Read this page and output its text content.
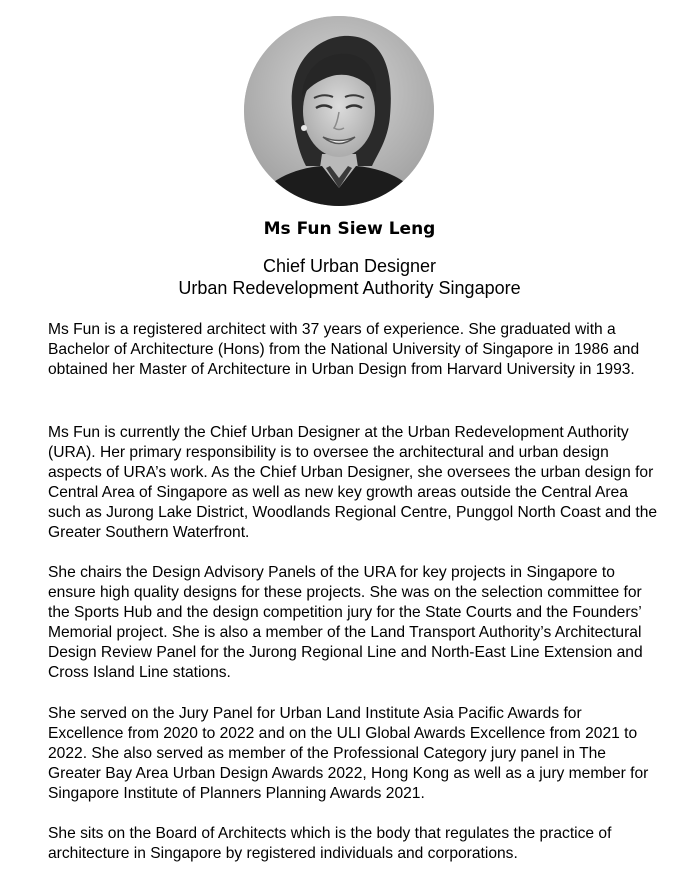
Ms Fun Siew Leng
Chief Urban Designer
Urban Redevelopment Authority Singapore

Ms Fun is a registered architect with 37 years of experience. She graduated with a Bachelor of Architecture (Hons) from the National University of Singapore in 1986 and obtained her Master of Architecture in Urban Design from Harvard University in 1993.

Ms Fun is currently the Chief Urban Designer at the Urban Redevelopment Authority (URA). Her primary responsibility is to oversee the architectural and urban design aspects of URA’s work. As the Chief Urban Designer, she oversees the urban design for Central Area of Singapore as well as new key growth areas outside the Central Area such as Jurong Lake District, Woodlands Regional Centre, Punggol North Coast and the Greater Southern Waterfront.

She chairs the Design Advisory Panels of the URA for key projects in Singapore to ensure high quality designs for these projects. She was on the selection committee for the Sports Hub and the design competition jury for the State Courts and the Founders’ Memorial project. She is also a member of the Land Transport Authority’s Architectural Design Review Panel for the Jurong Regional Line and North-East Line Extension and Cross Island Line stations.

She served on the Jury Panel for Urban Land Institute Asia Pacific Awards for Excellence from 2020 to 2022 and on the ULI Global Awards Excellence from 2021 to 2022. She also served as member of the Professional Category jury panel in The Greater Bay Area Urban Design Awards 2022, Hong Kong as well as a jury member for Singapore Institute of Planners Planning Awards 2021.

She sits on the Board of Architects which is the body that regulates the practice of architecture in Singapore by registered individuals and corporations.
